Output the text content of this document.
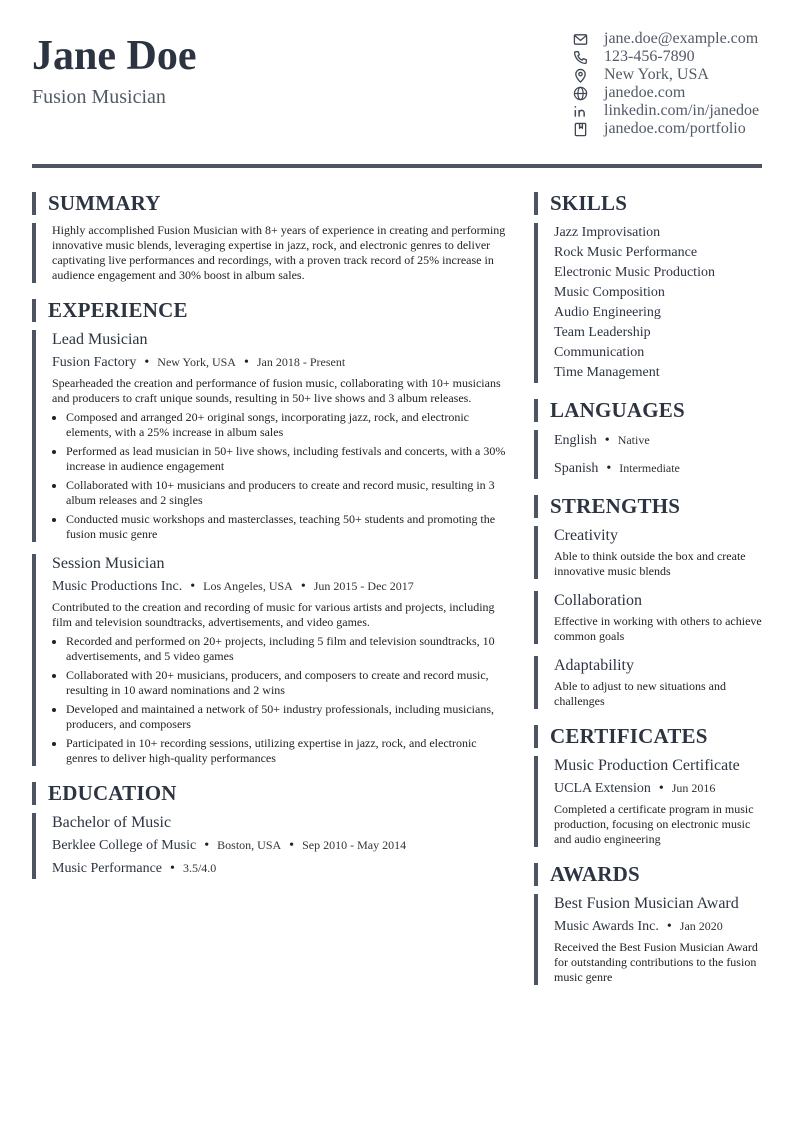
Jane Doe
Fusion Musician
jane.doe@example.com
123-456-7890
New York, USA
janedoe.com
linkedin.com/in/janedoe
janedoe.com/portfolio
SUMMARY

Highly accomplished Fusion Musician with 8+ years of experience in creating and performing innovative music blends, leveraging expertise in jazz, rock, and electronic genres to deliver captivating live performances and recordings, with a proven track record of 25% increase in audience engagement and 30% boost in album sales.

EXPERIENCE
Lead Musician
Fusion Factory • New York, USA • Jan 2018 - Present
Spearheaded the creation and performance of fusion music, collaborating with 10+ musicians and producers to craft unique sounds, resulting in 50+ live shows and 3 album releases.
• Composed and arranged 20+ original songs, incorporating jazz, rock, and electronic elements, with a 25% increase in album sales
• Performed as lead musician in 50+ live shows, including festivals and concerts, with a 30% increase in audience engagement
• Collaborated with 10+ musicians and producers to create and record music, resulting in 3 album releases and 2 singles
• Conducted music workshops and masterclasses, teaching 50+ students and promoting the fusion music genre
Session Musician
Music Productions Inc. • Los Angeles, USA • Jun 2015 - Dec 2017
Contributed to the creation and recording of music for various artists and projects, including film and television soundtracks, advertisements, and video games.
• Recorded and performed on 20+ projects, including 5 film and television soundtracks, 10 advertisements, and 5 video games
• Collaborated with 20+ musicians, producers, and composers to create and record music, resulting in 10 award nominations and 2 wins
• Developed and maintained a network of 50+ industry professionals, including musicians, producers, and composers
• Participated in 10+ recording sessions, utilizing expertise in jazz, rock, and electronic genres to deliver high-quality performances
EDUCATION
Bachelor of Music
Berklee College of Music • Boston, USA • Sep 2010 - May 2014
Music Performance • 3.5/4.0
SKILLS
Jazz Improvisation
Rock Music Performance
Electronic Music Production
Music Composition
Audio Engineering
Team Leadership
Communication
Time Management
LANGUAGES
English • Native
Spanish • Intermediate
STRENGTHS
Creativity
Able to think outside the box and create innovative music blends
Collaboration
Effective in working with others to achieve common goals
Adaptability
Able to adjust to new situations and challenges
CERTIFICATES
Music Production Certificate
UCLA Extension • Jun 2016
Completed a certificate program in music production, focusing on electronic music and audio engineering
AWARDS
Best Fusion Musician Award
Music Awards Inc. • Jan 2020
Received the Best Fusion Musician Award for outstanding contributions to the fusion music genre
